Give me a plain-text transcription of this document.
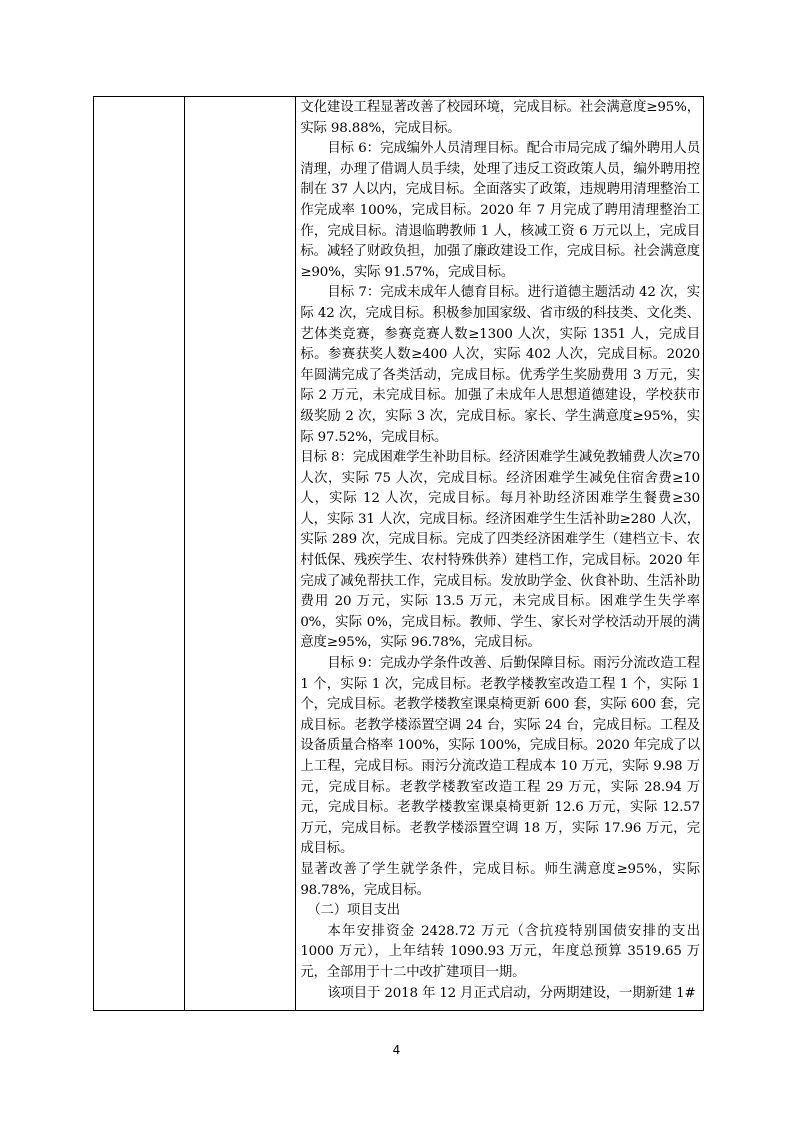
文化建设工程显著改善了校园环境，完成目标。社会满意度≥95%，实际 98.88%，完成目标。

目标 6：完成编外人员清理目标。配合市局完成了编外聘用人员清理，办理了借调人员手续，处理了违反工资政策人员，编外聘用控制在 37 人以内，完成目标。全面落实了政策，违规聘用清理整治工作完成率 100%，完成目标。2020 年 7 月完成了聘用清理整治工作，完成目标。清退临聘教师 1 人，核减工资 6 万元以上，完成目标。减轻了财政负担，加强了廉政建设工作，完成目标。社会满意度≥90%，实际 91.57%，完成目标。

目标 7：完成未成年人德育目标。进行道德主题活动 42 次，实际 42 次，完成目标。积极参加国家级、省市级的科技类、文化类、艺体类竞赛，参赛竞赛人数≥1300 人次，实际 1351 人，完成目标。参赛获奖人数≥400 人次，实际 402 人次，完成目标。2020 年圆满完成了各类活动，完成目标。优秀学生奖励费用 3 万元，实际 2 万元，未完成目标。加强了未成年人思想道德建设，学校获市级奖励 2 次，实际 3 次，完成目标。家长、学生满意度≥95%，实际 97.52%，完成目标。

目标 8：完成困难学生补助目标。经济困难学生减免教辅费人次≥70 人次，实际 75 人次，完成目标。经济困难学生减免住宿舍费≥10 人，实际 12 人次，完成目标。每月补助经济困难学生餐费≥30 人，实际 31 人次，完成目标。经济困难学生生活补助≥280 人次，实际 289 次，完成目标。完成了四类经济困难学生（建档立卡、农村低保、残疾学生、农村特殊供养）建档工作，完成目标。2020 年完成了减免帮扶工作，完成目标。发放助学金、伙食补助、生活补助费用 20 万元，实际 13.5 万元，未完成目标。困难学生失学率 0%，实际 0%，完成目标。教师、学生、家长对学校活动开展的满意度≥95%，实际 96.78%，完成目标。

目标 9：完成办学条件改善、后勤保障目标。雨污分流改造工程 1 个，实际 1 次，完成目标。老教学楼教室改造工程 1 个，实际 1 个，完成目标。老教学楼教室课桌椅更新 600 套，实际 600 套，完成目标。老教学楼添置空调 24 台，实际 24 台，完成目标。工程及设备质量合格率 100%，实际 100%，完成目标。2020 年完成了以上工程，完成目标。雨污分流改造工程成本 10 万元，实际 9.98 万元，完成目标。老教学楼教室改造工程 29 万元，实际 28.94 万元，完成目标。老教学楼教室课桌椅更新 12.6 万元，实际 12.57 万元，完成目标。老教学楼添置空调 18 万，实际 17.96 万元，完成目标。

显著改善了学生就学条件，完成目标。师生满意度≥95%，实际 98.78%，完成目标。

（二）项目支出

本年安排资金 2428.72 万元（含抗疫特别国债安排的支出 1000 万元），上年结转 1090.93 万元，年度总预算 3519.65 万元，全部用于十二中改扩建项目一期。

该项目于 2018 年 12 月正式启动，分两期建设，一期新建 1#

4
